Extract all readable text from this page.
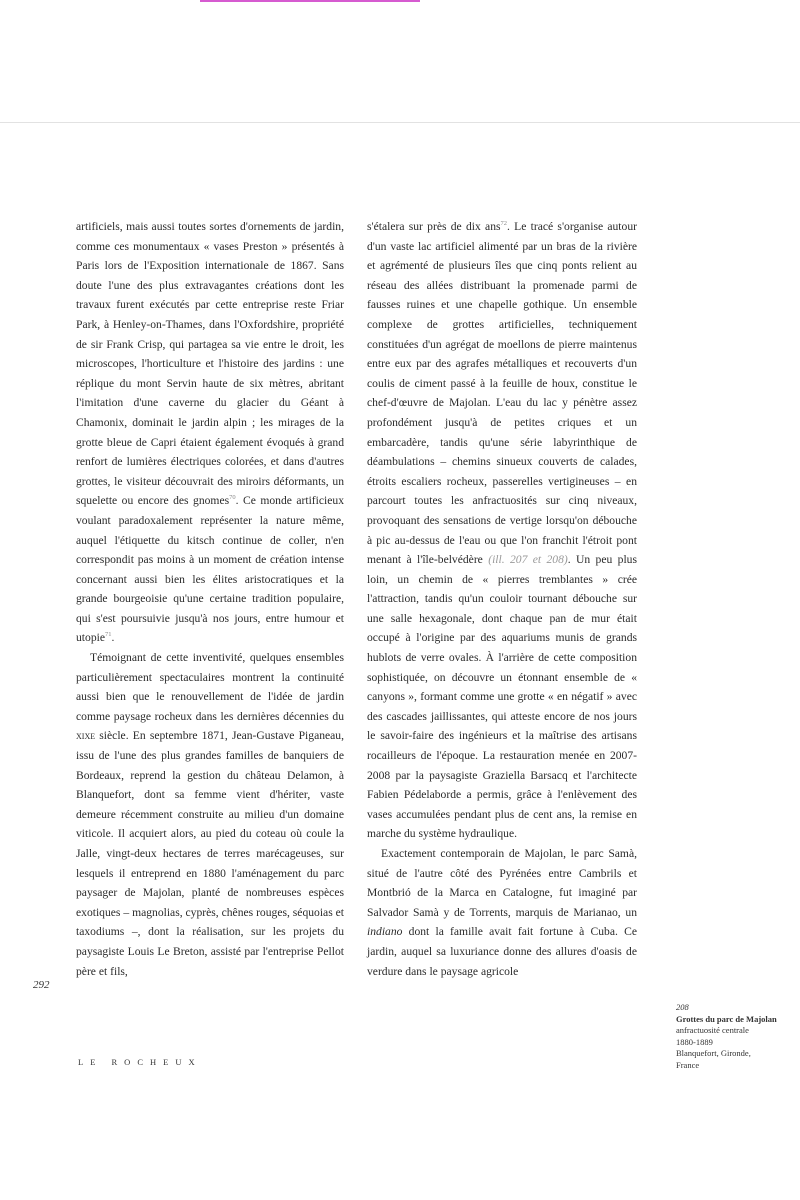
artificiels, mais aussi toutes sortes d'ornements de jardin, comme ces monumentaux « vases Preston » présentés à Paris lors de l'Exposition internationale de 1867. Sans doute l'une des plus extravagantes créations dont les travaux furent exécutés par cette entreprise reste Friar Park, à Henley-on-Thames, dans l'Oxfordshire, propriété de sir Frank Crisp, qui partagea sa vie entre le droit, les microscopes, l'horticulture et l'histoire des jardins : une réplique du mont Servin haute de six mètres, abritant l'imitation d'une caverne du glacier du Géant à Chamonix, dominait le jardin alpin ; les mirages de la grotte bleue de Capri étaient également évoqués à grand renfort de lumières électriques colorées, et dans d'autres grottes, le visiteur découvrait des miroirs déformants, un squelette ou encore des gnomes$^{70}$. Ce monde artificieux voulant paradoxalement représenter la nature même, auquel l'étiquette du kitsch continue de coller, n'en correspondit pas moins à un moment de création intense concernant aussi bien les élites aristocratiques et la grande bourgeoisie qu'une certaine tradition populaire, qui s'est poursuivie jusqu'à nos jours, entre humour et utopie$^{71}$.

Témoignant de cette inventivité, quelques ensembles particulièrement spectaculaires montrent la continuité aussi bien que le renouvellement de l'idée de jardin comme paysage rocheux dans les dernières décennies du xixe siècle. En septembre 1871, Jean-Gustave Piganeau, issu de l'une des plus grandes familles de banquiers de Bordeaux, reprend la gestion du château Delamon, à Blanquefort, dont sa femme vient d'hériter, vaste demeure récemment construite au milieu d'un domaine viticole. Il acquiert alors, au pied du coteau où coule la Jalle, vingt-deux hectares de terres marécageuses, sur lesquels il entreprend en 1880 l'aménagement du parc paysager de Majolan, planté de nombreuses espèces exotiques – magnolias, cyprès, chênes rouges, séquoias et taxodiums –, dont la réalisation, sur les projets du paysagiste Louis Le Breton, assisté par l'entreprise Pellot père et fils,

s'étalera sur près de dix ans$^{72}$. Le tracé s'organise autour d'un vaste lac artificiel alimenté par un bras de la rivière et agrémenté de plusieurs îles que cinq ponts relient au réseau des allées distribuant la promenade parmi de fausses ruines et une chapelle gothique. Un ensemble complexe de grottes artificielles, techniquement constituées d'un agrégat de moellons de pierre maintenus entre eux par des agrafes métalliques et recouverts d'un coulis de ciment passé à la feuille de houx, constitue le chef-d'œuvre de Majolan. L'eau du lac y pénètre assez profondément jusqu'à de petites criques et un embarcadère, tandis qu'une série labyrinthique de déambulations – chemins sinueux couverts de calades, étroits escaliers rocheux, passerelles vertigineuses – en parcourt toutes les anfractuosités sur cinq niveaux, provoquant des sensations de vertige lorsqu'on débouche à pic au-dessus de l'eau ou que l'on franchit l'étroit pont menant à l'île-belvédère (ill. 207 et 208). Un peu plus loin, un chemin de « pierres tremblantes » crée l'attraction, tandis qu'un couloir tournant débouche sur une salle hexagonale, dont chaque pan de mur était occupé à l'origine par des aquariums munis de grands hublots de verre ovales. À l'arrière de cette composition sophistiquée, on découvre un étonnant ensemble de « canyons », formant comme une grotte « en négatif » avec des cascades jaillissantes, qui atteste encore de nos jours le savoir-faire des ingénieurs et la maîtrise des artisans rocailleurs de l'époque. La restauration menée en 2007-2008 par la paysagiste Graziella Barsacq et l'architecte Fabien Pédelaborde a permis, grâce à l'enlèvement des vases accumulées pendant plus de cent ans, la remise en marche du système hydraulique.

Exactement contemporain de Majolan, le parc Samà, situé de l'autre côté des Pyrénées entre Cambrils et Montbrió de la Marca en Catalogne, fut imaginé par Salvador Samà y de Torrents, marquis de Marianao, un indiano dont la famille avait fait fortune à Cuba. Ce jardin, auquel sa luxuriance donne des allures d'oasis de verdure dans le paysage agricole

292
LE ROCHEUX
208
Grottes du parc de Majolan
anfractuosité centrale
1880-1889
Blanquefort, Gironde,
France
